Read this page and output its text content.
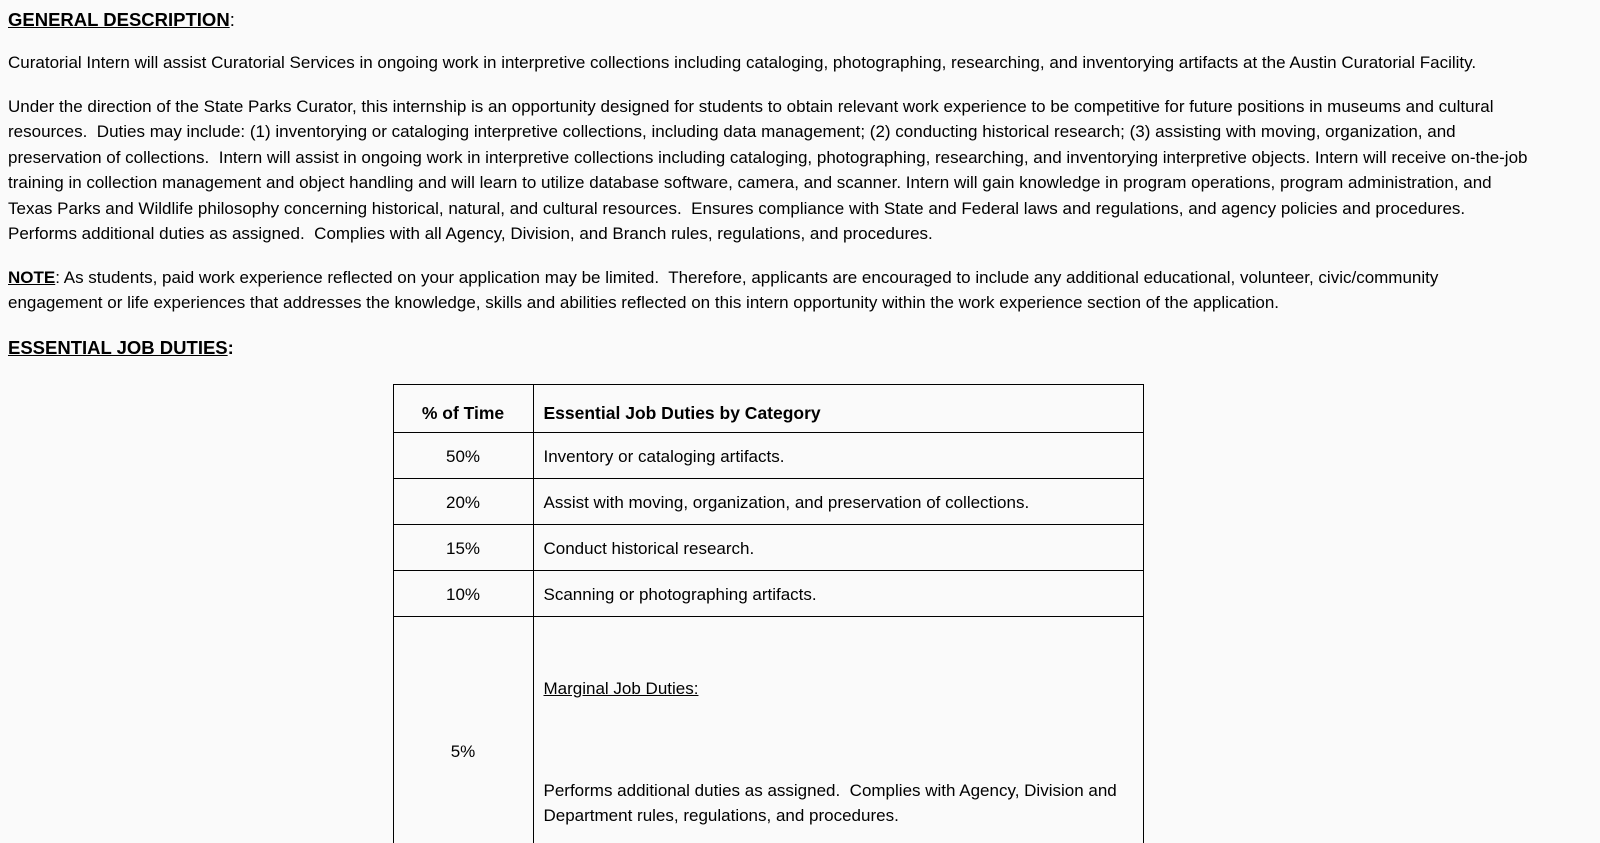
GENERAL DESCRIPTION:

Curatorial Intern will assist Curatorial Services in ongoing work in interpretive collections including cataloging, photographing, researching, and inventorying artifacts at the Austin Curatorial Facility.

Under the direction of the State Parks Curator, this internship is an opportunity designed for students to obtain relevant work experience to be competitive for future positions in museums and cultural resources.  Duties may include: (1) inventorying or cataloging interpretive collections, including data management; (2) conducting historical research; (3) assisting with moving, organization, and preservation of collections.  Intern will assist in ongoing work in interpretive collections including cataloging, photographing, researching, and inventorying interpretive objects. Intern will receive on-the-job training in collection management and object handling and will learn to utilize database software, camera, and scanner. Intern will gain knowledge in program operations, program administration, and Texas Parks and Wildlife philosophy concerning historical, natural, and cultural resources.  Ensures compliance with State and Federal laws and regulations, and agency policies and procedures.  Performs additional duties as assigned.  Complies with all Agency, Division, and Branch rules, regulations, and procedures.

NOTE: As students, paid work experience reflected on your application may be limited.  Therefore, applicants are encouraged to include any additional educational, volunteer, civic/community engagement or life experiences that addresses the knowledge, skills and abilities reflected on this intern opportunity within the work experience section of the application.

ESSENTIAL JOB DUTIES:
% of Time	Essential Job Duties by Category
50%	Inventory or cataloging artifacts.
20%	Assist with moving, organization, and preservation of collections.
15%	Conduct historical research.
10%	Scanning or photographing artifacts.
5%	Marginal Job Duties:

Performs additional duties as assigned.  Complies with Agency, Division and Department rules, regulations, and procedures.
